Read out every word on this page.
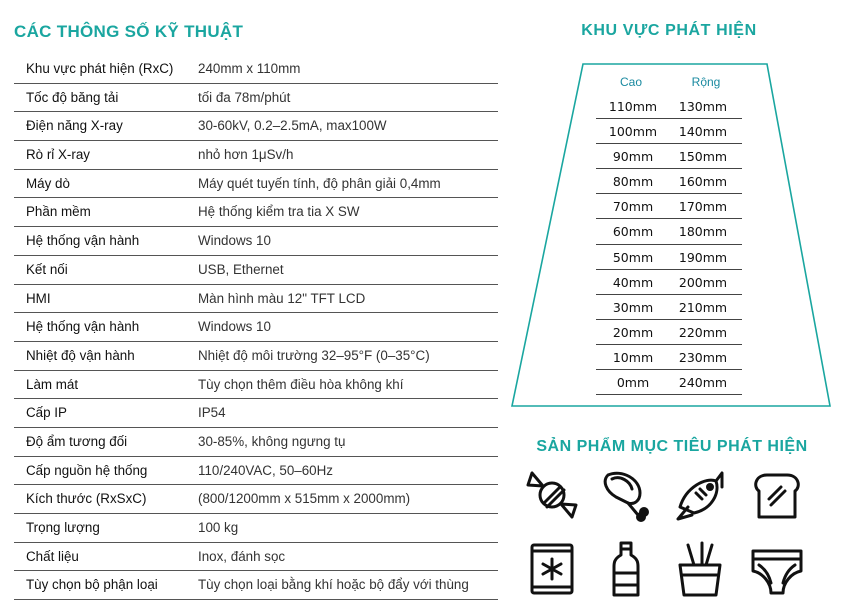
CÁC THÔNG SỐ KỸ THUẬT
Khu vực phát hiện (RxC) 240mm x 110mm
Tốc độ băng tải	tối đa 78m/phút
Điện năng X-ray	30-60kV, 0.2–2.5mA, max100W
Rò rỉ X-ray	nhỏ hơn 1μSv/h
Máy dò	Máy quét tuyến tính, độ phân giải 0,4mm
Phần mềm	Hệ thống kiểm tra tia X SW
Hệ thống vận hành	Windows 10
Kết nối	USB, Ethernet
HMI	Màn hình màu 12" TFT LCD
Hệ thống vận hành	Windows 10
Nhiệt độ vận hành	Nhiệt độ môi trường 32–95°F (0–35°C)
Làm mát	Tùy chọn thêm điều hòa không khí
Cấp IP	IP54
Độ ẩm tương đối	30-85%, không ngưng tụ
Cấp nguồn hệ thống	110/240VAC, 50–60Hz
Kích thước (RxSxC)	(800/1200mm x 515mm x 2000mm)
Trọng lượng	100 kg
Chất liệu	Inox, đánh sọc
Tùy chọn bộ phận loại	Tùy chọn loại bằng khí hoặc bộ đẩy với thùng
KHU VỰC PHÁT HIỆN
Cao	Rộng
110mm	130mm
100mm	140mm
90mm	150mm
80mm	160mm
70mm	170mm
60mm	180mm
50mm	190mm
40mm	200mm
30mm	210mm
20mm	220mm
10mm	230mm
0mm	240mm
SẢN PHẨM MỤC TIÊU PHÁT HIỆN
